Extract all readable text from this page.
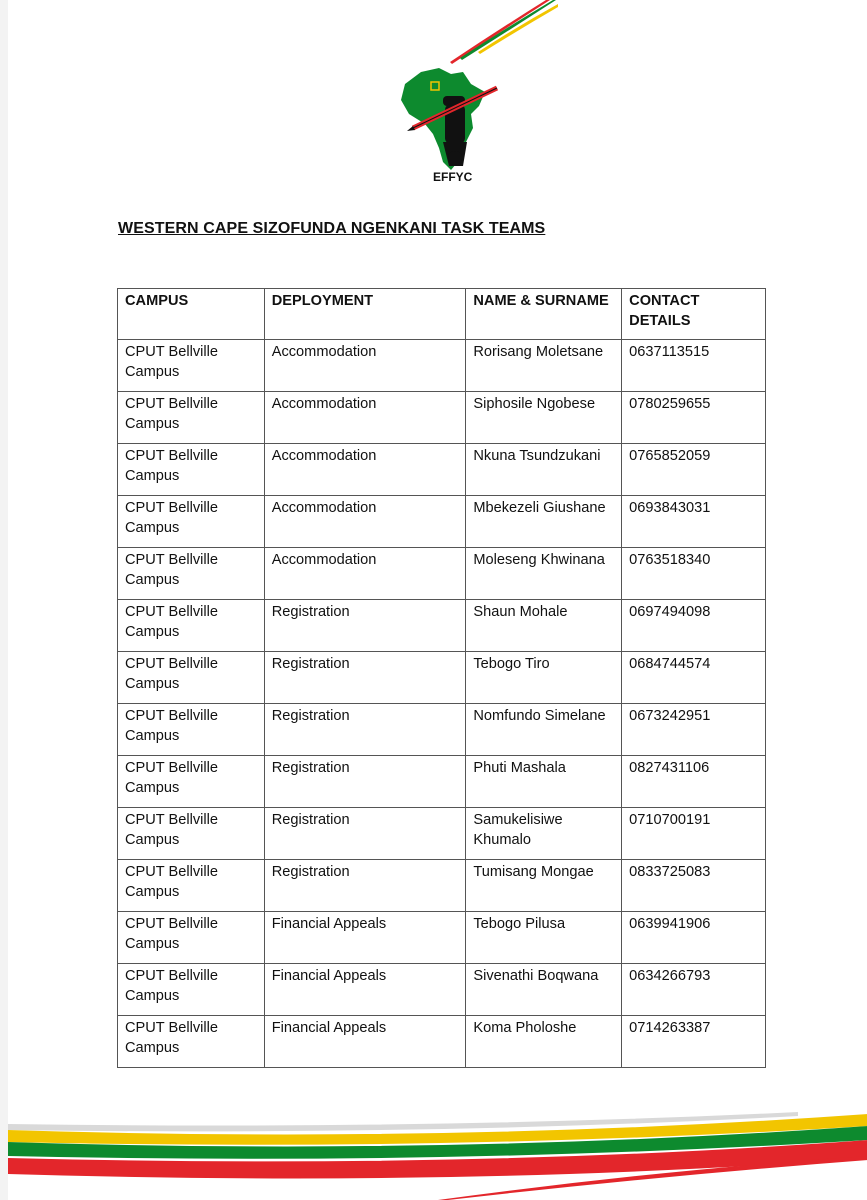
EFFYC
WESTERN CAPE SIZOFUNDA NGENKANI TASK TEAMS
CAMPUS	DEPLOYMENT	NAME & SURNAME	CONTACT DETAILS
CPUT Bellville Campus	Accommodation	Rorisang Moletsane	0637113515
CPUT Bellville Campus	Accommodation	Siphosile Ngobese	0780259655
CPUT Bellville Campus	Accommodation	Nkuna Tsundzukani	0765852059
CPUT Bellville Campus	Accommodation	Mbekezeli Giushane	0693843031
CPUT Bellville Campus	Accommodation	Moleseng Khwinana	0763518340
CPUT Bellville Campus	Registration	Shaun Mohale	0697494098
CPUT Bellville Campus	Registration	Tebogo Tiro	0684744574
CPUT Bellville Campus	Registration	Nomfundo Simelane	0673242951
CPUT Bellville Campus	Registration	Phuti Mashala	0827431106
CPUT Bellville Campus	Registration	Samukelisiwe Khumalo	0710700191
CPUT Bellville Campus	Registration	Tumisang Mongae	0833725083
CPUT Bellville Campus	Financial Appeals	Tebogo Pilusa	0639941906
CPUT Bellville Campus	Financial Appeals	Sivenathi Boqwana	0634266793
CPUT Bellville Campus	Financial Appeals	Koma Pholoshe	0714263387
